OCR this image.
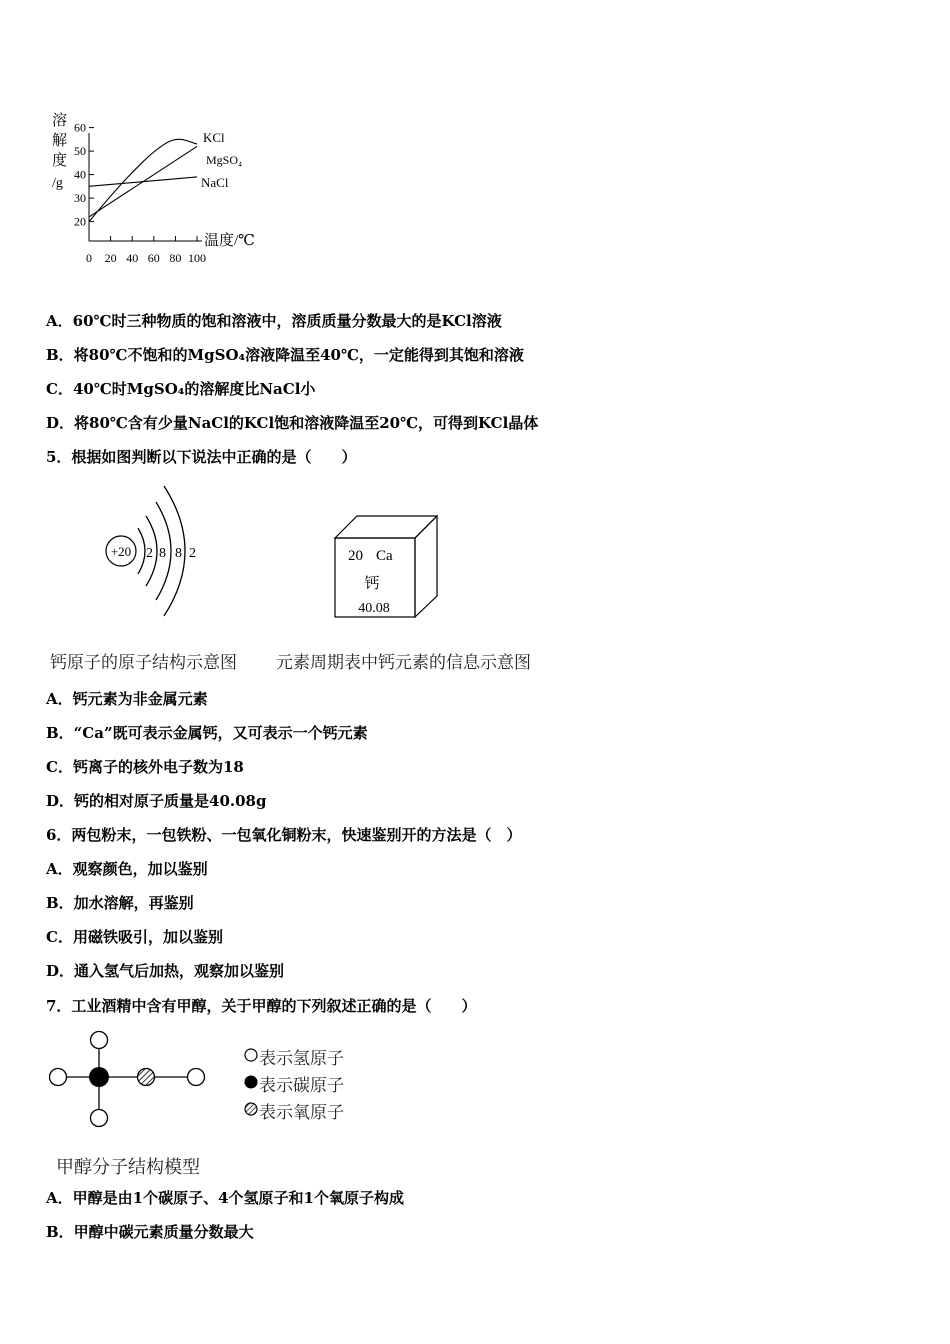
溶
解
度
/g
60
50
40
30
20
0 20 40 60 80 100
KCl
MgSO₄
NaCl
温度/℃
A．60℃时三种物质的饱和溶液中，溶质质量分数最大的是KCl溶液
B．将80℃不饱和的MgSO₄溶液降温至40℃，一定能得到其饱和溶液
C．40℃时MgSO₄的溶解度比NaCl小
D．将80℃含有少量NaCl的KCl饱和溶液降温至20℃，可得到KCl晶体
5．根据如图判断以下说法中正确的是（　　）
+20 2 8 8 2	20 Ca
钙
40.08
钙原子的原子结构示意图 元素周期表中钙元素的信息示意图
A．钙元素为非金属元素
B．“Ca”既可表示金属钙，又可表示一个钙元素
C．钙离子的核外电子数为18
D．钙的相对原子质量是40.08g
6．两包粉末，一包铁粉、一包氧化铜粉末，快速鉴别开的方法是（　）
A．观察颜色，加以鉴别
B．加水溶解，再鉴别
C．用磁铁吸引，加以鉴别
D．通入氢气后加热，观察加以鉴别
7．工业酒精中含有甲醇，关于甲醇的下列叙述正确的是（　　）
表示氢原子
表示碳原子
表示氧原子
甲醇分子结构模型
A．甲醇是由1个碳原子、4个氢原子和1个氧原子构成
B．甲醇中碳元素质量分数最大
